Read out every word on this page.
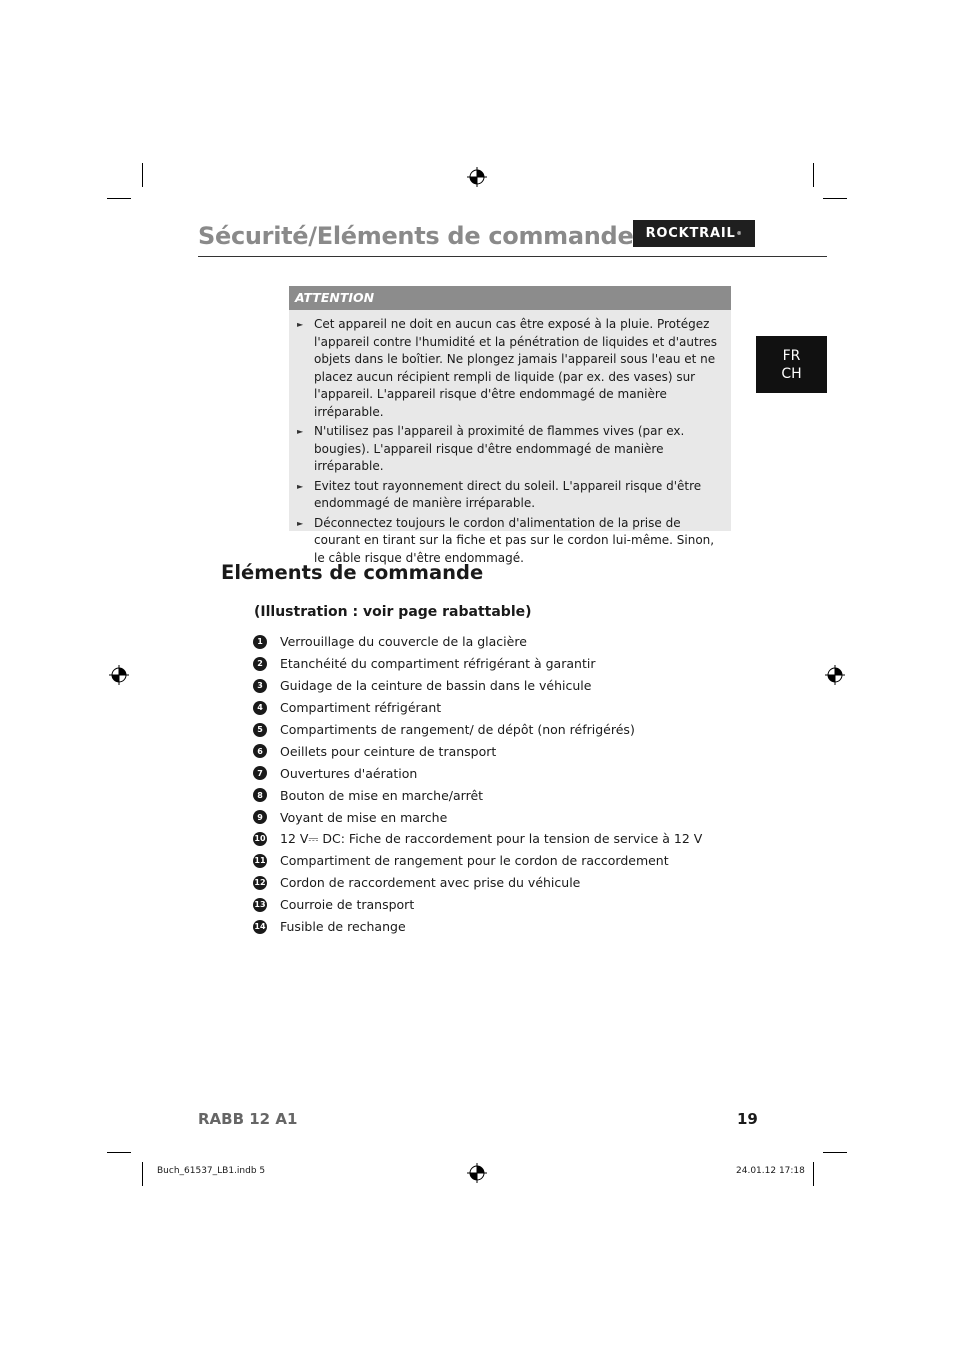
Sécurité/Eléments de commande ROCKTRAIL ®
FR
CH
ATTENTION
► Cet appareil ne doit en aucun cas être exposé à la pluie. Protégez l'appareil contre l'humidité et la pénétration de liquides et d'autres objets dans le boîtier. Ne plongez jamais l'appareil sous l'eau et ne placez aucun récipient rempli de liquide (par ex. des vases) sur l'appareil. L'appareil risque d'être endommagé de manière irréparable.
► N'utilisez pas l'appareil à proximité de flammes vives (par ex. bougies). L'appareil risque d'être endommagé de manière irréparable.
► Evitez tout rayonnement direct du soleil. L'appareil risque d'être endommagé de manière irréparable.
► Déconnectez toujours le cordon d'alimentation de la prise de courant en tirant sur la fiche et pas sur le cordon lui-même. Sinon, le câble risque d'être endommagé.
Eléments de commande
(Illustration : voir page rabattable)
1	Verrouillage du couvercle de la glacière
2	Etanchéité du compartiment réfrigérant à garantir
3	Guidage de la ceinture de bassin dans le véhicule
4	Compartiment réfrigérant
5	Compartiments de rangement/ de dépôt (non réfrigérés)
6	Oeillets pour ceinture de transport
7	Ouvertures d'aération
8	Bouton de mise en marche/arrêt
9	Voyant de mise en marche
10 12 V⎓ DC: Fiche de raccordement pour la tension de service à 12 V
11 Compartiment de rangement pour le cordon de raccordement
12 Cordon de raccordement avec prise du véhicule
13 Courroie de transport
14 Fusible de rechange
RABB 12 A1	19
Buch_61537_LB1.indb 5	24.01.12 17:18
